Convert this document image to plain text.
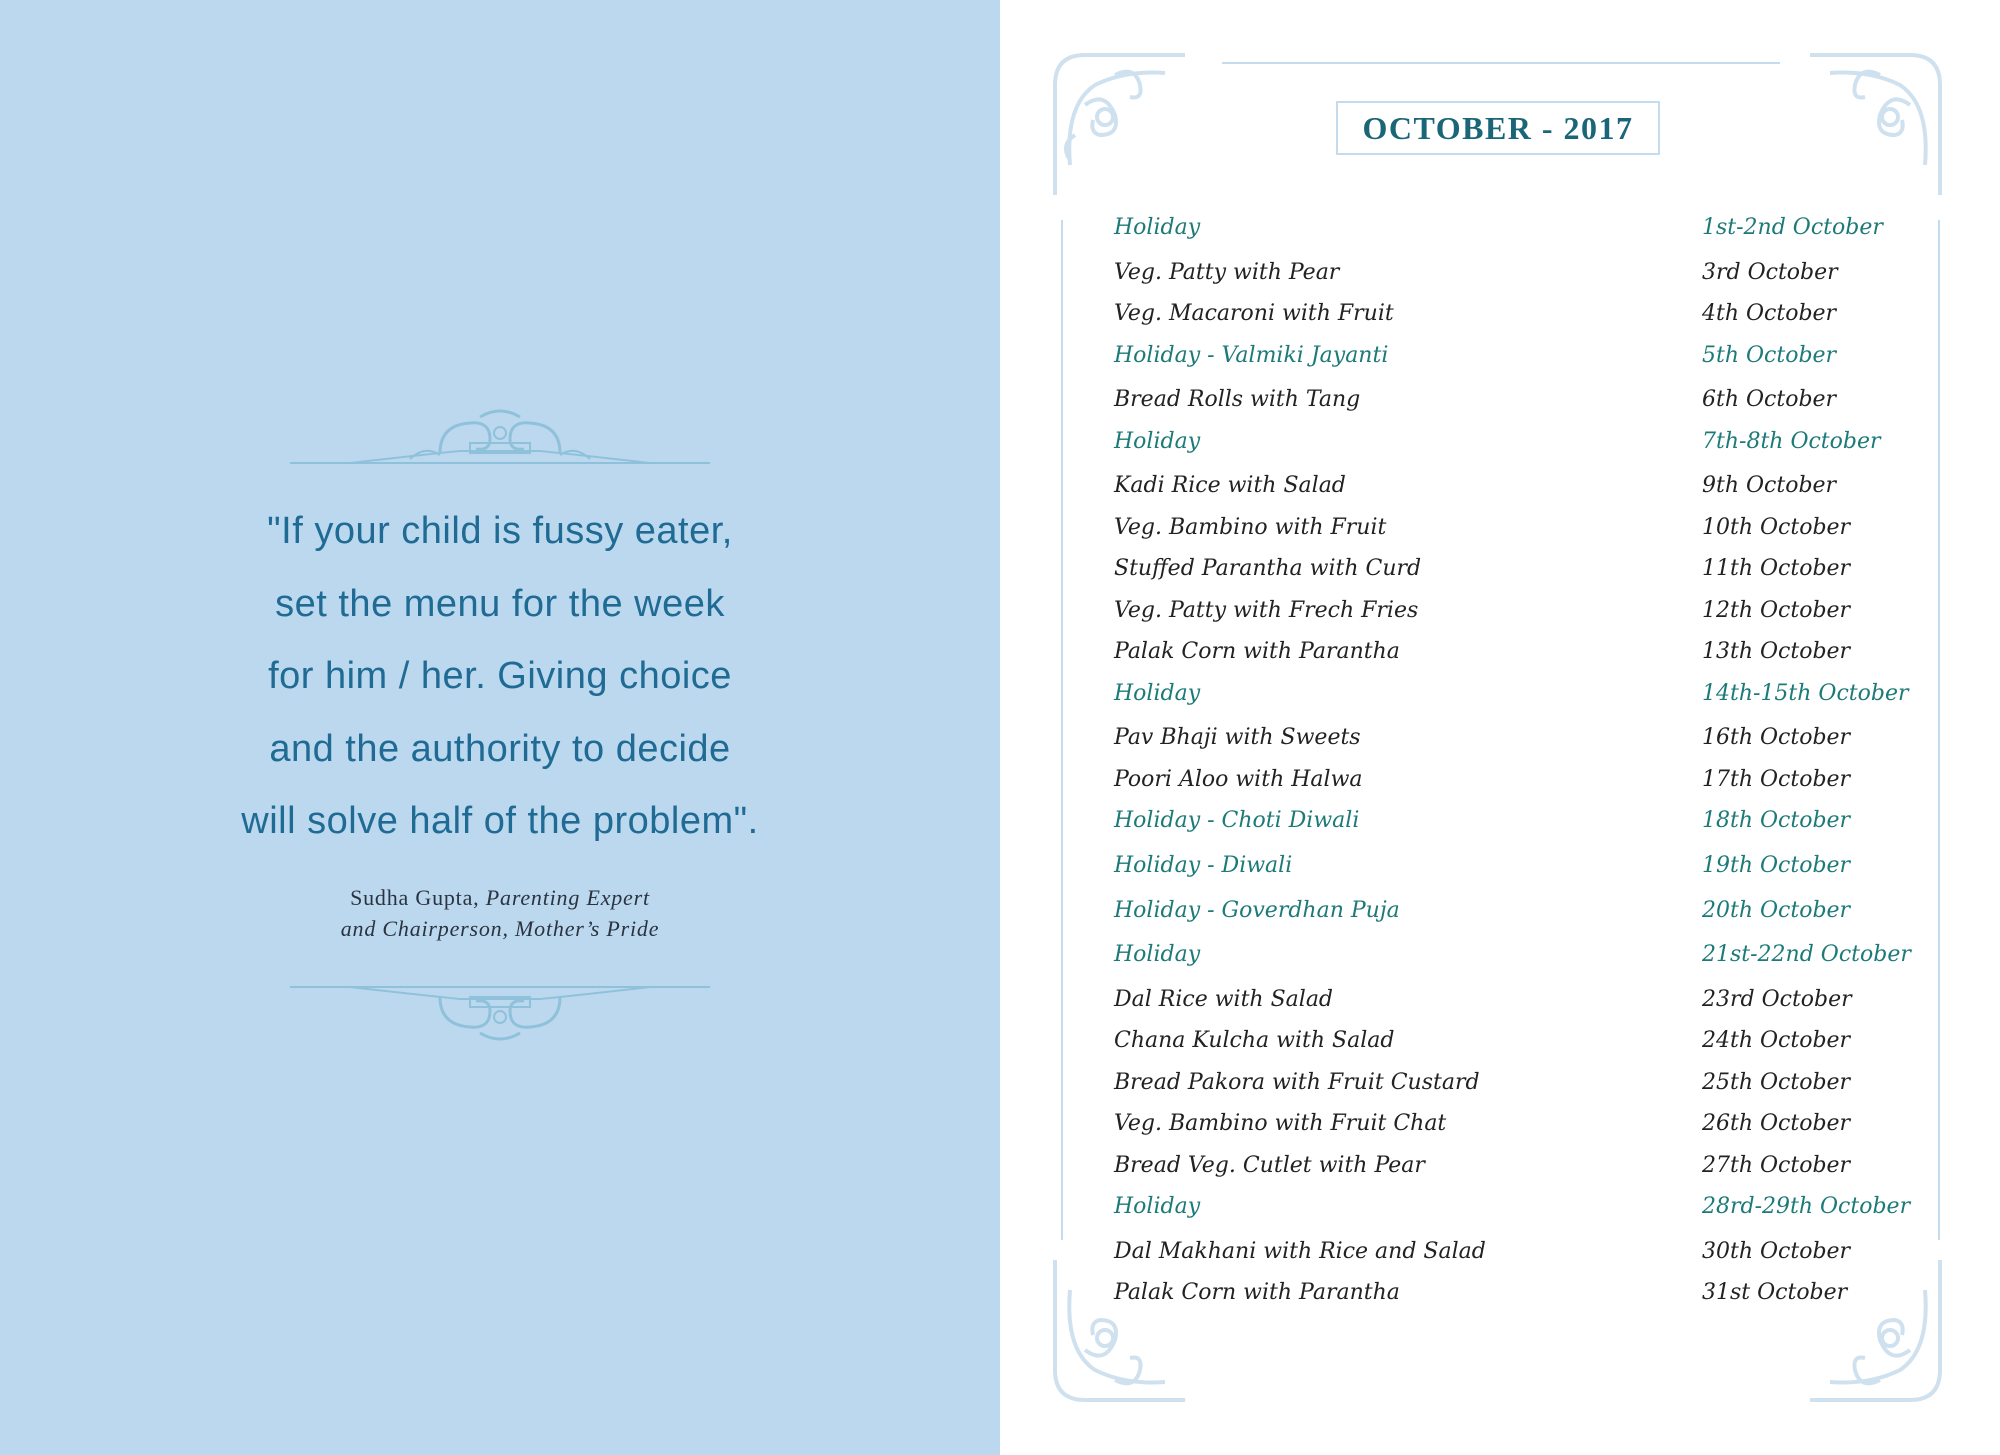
"If your child is fussy eater,
set the menu for the week
for him / her. Giving choice
and the authority to decide
will solve half of the problem".
Sudha Gupta, Parenting Expert
and Chairperson, Mother’s Pride
OCTOBER - 2017
Holiday	1st-2nd October
Veg. Patty with Pear	3rd October
Veg. Macaroni with Fruit	4th October
Holiday - Valmiki Jayanti	5th October
Bread Rolls with Tang	6th October
Holiday	7th-8th October
Kadi Rice with Salad	9th October
Veg. Bambino with Fruit	10th October
Stuffed Parantha with Curd	11th October
Veg. Patty with Frech Fries	12th October
Palak Corn with Parantha	13th October
Holiday	14th-15th October
Pav Bhaji with Sweets	16th October
Poori Aloo with Halwa	17th October
Holiday - Choti Diwali	18th October
Holiday - Diwali	19th October
Holiday - Goverdhan Puja	20th October
Holiday	21st-22nd October
Dal Rice with Salad	23rd October
Chana Kulcha with Salad	24th October
Bread Pakora with Fruit Custard	25th October
Veg. Bambino with Fruit Chat	26th October
Bread Veg. Cutlet with Pear	27th October
Holiday	28rd-29th October
Dal Makhani with Rice and Salad	30th October
Palak Corn with Parantha	31st October
